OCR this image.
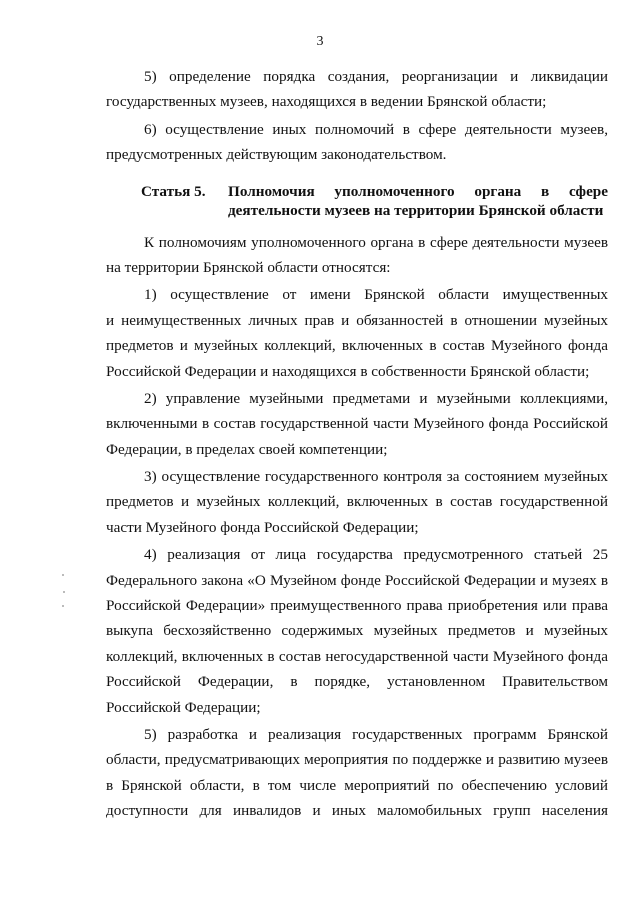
3
5) определение порядка создания, реорганизации и ликвидации
государственных музеев, находящихся в ведении Брянской области;
6) осуществление иных полномочий в сфере деятельности музеев,
предусмотренных действующим законодательством.
Статья 5. Полномочия уполномоченного органа в сфере
деятельности музеев на территории Брянской области
К полномочиям уполномоченного органа в сфере деятельности музеев
на территории Брянской области относятся:
1) осуществление от имени Брянской области имущественных
и неимущественных личных прав и обязанностей в отношении музейных
предметов и музейных коллекций, включенных в состав Музейного фонда
Российской Федерации и находящихся в собственности Брянской области;
2) управление музейными предметами и музейными коллекциями,
включенными в состав государственной части Музейного фонда Российской
Федерации, в пределах своей компетенции;
3) осуществление государственного контроля за состоянием музейных
предметов и музейных коллекций, включенных в состав государственной
части Музейного фонда Российской Федерации;
4) реализация от лица государства предусмотренного статьей 25
Федерального закона «О Музейном фонде Российской Федерации и музеях в
Российской Федерации» преимущественного права приобретения или права
выкупа бесхозяйственно содержимых музейных предметов и музейных
коллекций, включенных в состав негосударственной части Музейного фонда
Российской Федерации, в порядке, установленном Правительством
Российской Федерации;
5) разработка и реализация государственных программ Брянской
области, предусматривающих мероприятия по поддержке и развитию музеев
в Брянской области, в том числе мероприятий по обеспечению условий
доступности для инвалидов и иных маломобильных групп населения
